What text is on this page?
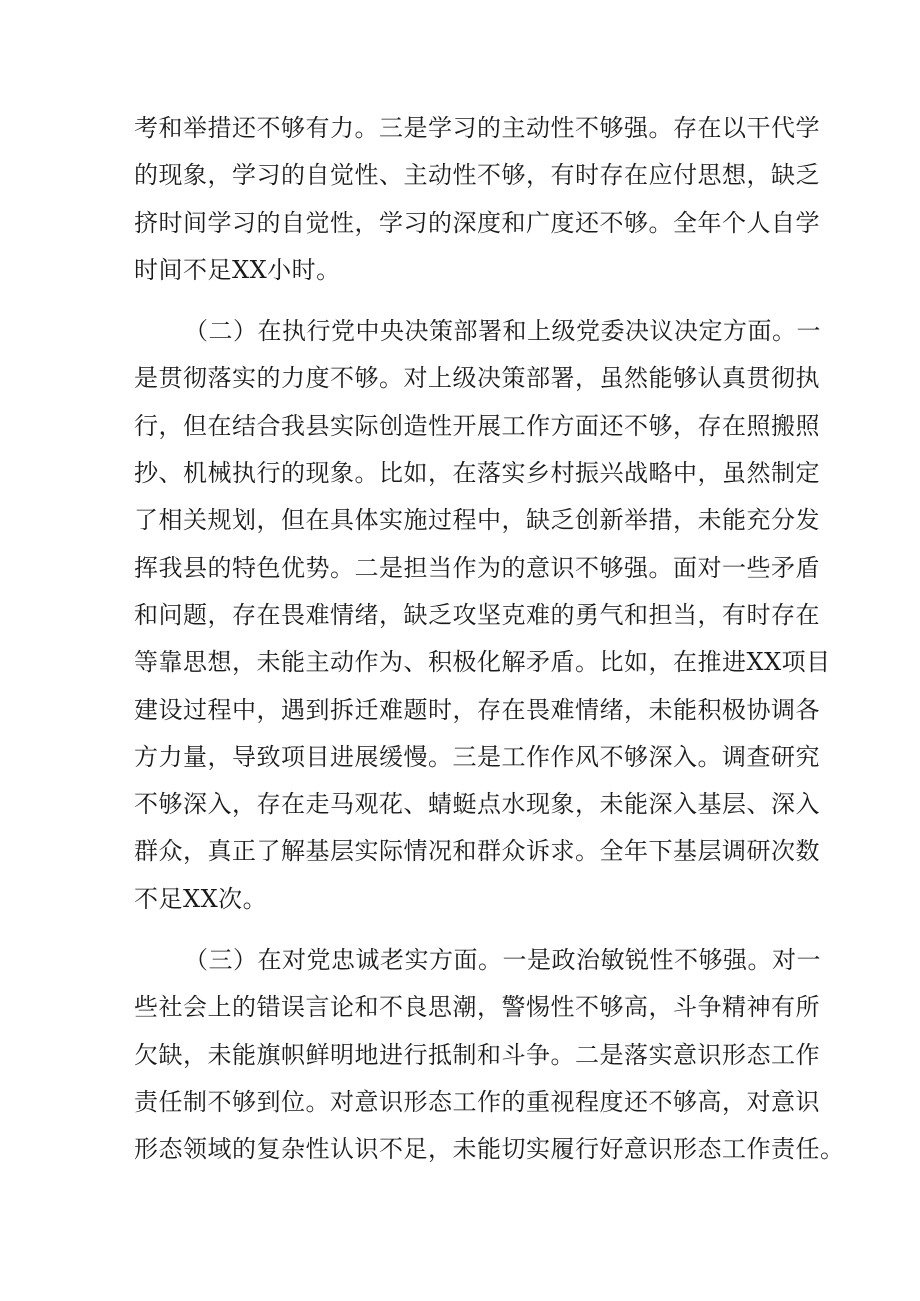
考和举措还不够有力。三是学习的主动性不够强。存在以干代学
的现象，学习的自觉性、主动性不够，有时存在应付思想，缺乏
挤时间学习的自觉性，学习的深度和广度还不够。全年个人自学
时间不足XX小时。
（二）在执行党中央决策部署和上级党委决议决定方面。一
是贯彻落实的力度不够。对上级决策部署，虽然能够认真贯彻执
行，但在结合我县实际创造性开展工作方面还不够，存在照搬照
抄、机械执行的现象。比如，在落实乡村振兴战略中，虽然制定
了相关规划，但在具体实施过程中，缺乏创新举措，未能充分发
挥我县的特色优势。二是担当作为的意识不够强。面对一些矛盾
和问题，存在畏难情绪，缺乏攻坚克难的勇气和担当，有时存在
等靠思想，未能主动作为、积极化解矛盾。比如，在推进XX项目
建设过程中，遇到拆迁难题时，存在畏难情绪，未能积极协调各
方力量，导致项目进展缓慢。三是工作作风不够深入。调查研究
不够深入，存在走马观花、蜻蜓点水现象，未能深入基层、深入
群众，真正了解基层实际情况和群众诉求。全年下基层调研次数
不足XX次。
（三）在对党忠诚老实方面。一是政治敏锐性不够强。对一
些社会上的错误言论和不良思潮，警惕性不够高，斗争精神有所
欠缺，未能旗帜鲜明地进行抵制和斗争。二是落实意识形态工作
责任制不够到位。对意识形态工作的重视程度还不够高，对意识
形态领域的复杂性认识不足，未能切实履行好意识形态工作责任。
